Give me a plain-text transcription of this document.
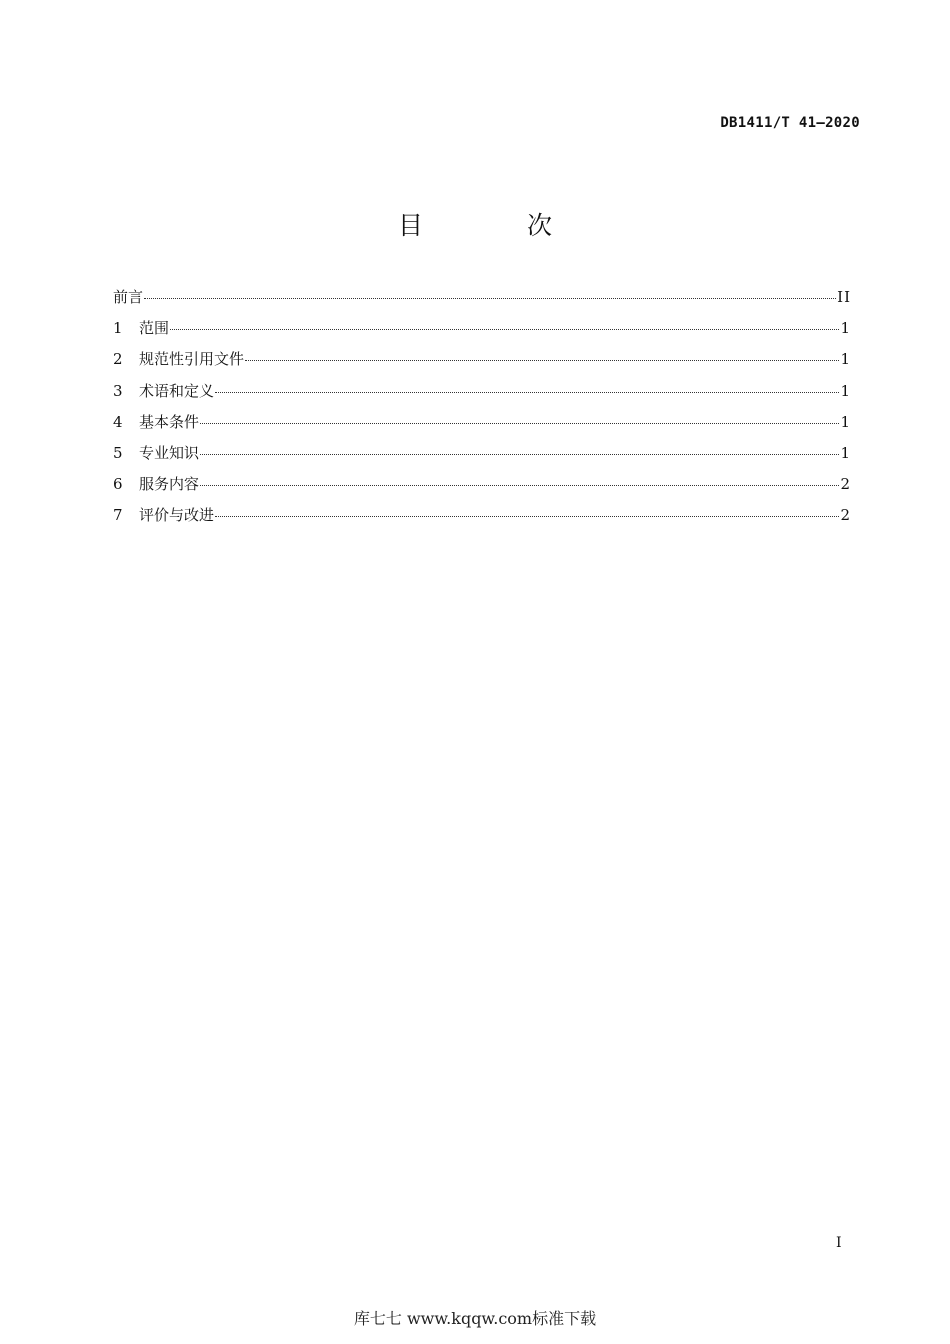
DB1411/T 41—2020
目 次
前言	II
1	范围	1
2	规范性引用文件	1
3	术语和定义	1
4	基本条件	1
5	专业知识	1
6	服务内容	2
7	评价与改进	2
I
库七七 www.kqqw.com标准下载
